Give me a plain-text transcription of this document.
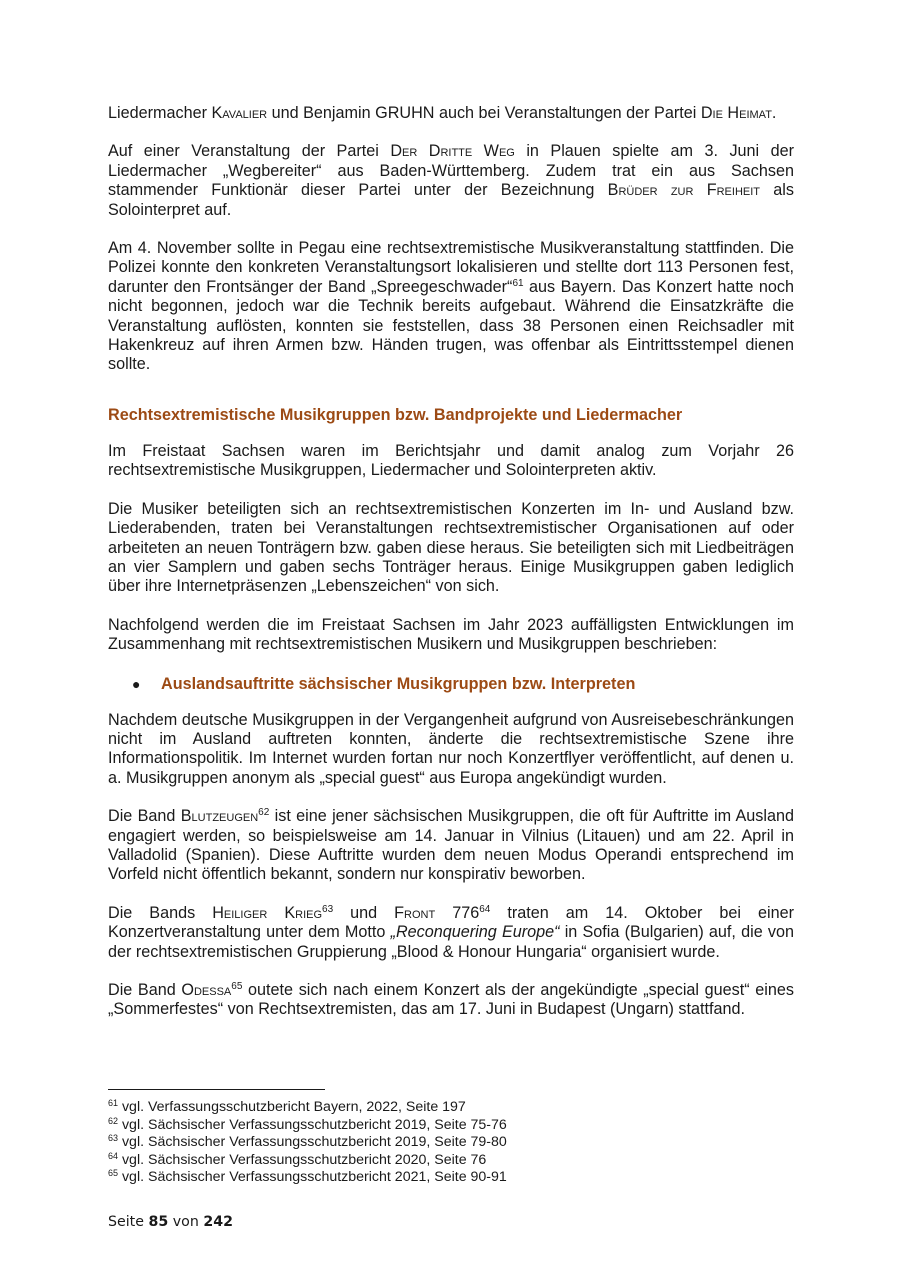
Liedermacher Kavalier und Benjamin GRUHN auch bei Veranstaltungen der Partei Die Heimat.

Auf einer Veranstaltung der Partei Der Dritte Weg in Plauen spielte am 3. Juni der Liedermacher „Wegbereiter“ aus Baden-Württemberg. Zudem trat ein aus Sachsen stammender Funktionär dieser Partei unter der Bezeichnung Brüder zur Freiheit als Solointerpret auf.

Am 4. November sollte in Pegau eine rechtsextremistische Musikveranstaltung stattfinden. Die Polizei konnte den konkreten Veranstaltungsort lokalisieren und stellte dort 113 Personen fest, darunter den Frontsänger der Band „Spreegeschwader“$^{61}$ aus Bayern. Das Konzert hatte noch nicht begonnen, jedoch war die Technik bereits aufgebaut. Während die Einsatzkräfte die Veranstaltung auflösten, konnten sie feststellen, dass 38 Personen einen Reichsadler mit Hakenkreuz auf ihren Armen bzw. Händen trugen, was offenbar als Eintrittsstempel dienen sollte.

Rechtsextremistische Musikgruppen bzw. Bandprojekte und Liedermacher

Im Freistaat Sachsen waren im Berichtsjahr und damit analog zum Vorjahr 26 rechtsextremistische Musikgruppen, Liedermacher und Solointerpreten aktiv.

Die Musiker beteiligten sich an rechtsextremistischen Konzerten im In- und Ausland bzw. Liederabenden, traten bei Veranstaltungen rechtsextremistischer Organisationen auf oder arbeiteten an neuen Tonträgern bzw. gaben diese heraus. Sie beteiligten sich mit Liedbeiträgen an vier Samplern und gaben sechs Tonträger heraus. Einige Musikgruppen gaben lediglich über ihre Internetpräsenzen „Lebenszeichen“ von sich.

Nachfolgend werden die im Freistaat Sachsen im Jahr 2023 auffälligsten Entwicklungen im Zusammenhang mit rechtsextremistischen Musikern und Musikgruppen beschrieben:

●	Auslandsauftritte sächsischer Musikgruppen bzw. Interpreten

Nachdem deutsche Musikgruppen in der Vergangenheit aufgrund von Ausreisebeschränkungen nicht im Ausland auftreten konnten, änderte die rechtsextremistische Szene ihre Informationspolitik. Im Internet wurden fortan nur noch Konzertflyer veröffentlicht, auf denen u. a. Musikgruppen anonym als „special guest“ aus Europa angekündigt wurden.

Die Band Blutzeugen$^{62}$ ist eine jener sächsischen Musikgruppen, die oft für Auftritte im Ausland engagiert werden, so beispielsweise am 14. Januar in Vilnius (Litauen) und am 22. April in Valladolid (Spanien). Diese Auftritte wurden dem neuen Modus Operandi entsprechend im Vorfeld nicht öffentlich bekannt, sondern nur konspirativ beworben.

Die Bands Heiliger Krieg$^{63}$ und Front $776^{64}$ traten am 14. Oktober bei einer Konzertveranstaltung unter dem Motto „Reconquering Europe“ in Sofia (Bulgarien) auf, die von der rechtsextremistischen Gruppierung „Blood & Honour Hungaria“ organisiert wurde.

Die Band Odessa$^{65}$ outete sich nach einem Konzert als der angekündigte „special guest“ eines „Sommerfestes“ von Rechtsextremisten, das am 17. Juni in Budapest (Ungarn) stattfand.

$^{61}$ vgl. Verfassungsschutzbericht Bayern, 2022, Seite 197

$^{62}$ vgl. Sächsischer Verfassungsschutzbericht 2019, Seite 75-76

$^{63}$ vgl. Sächsischer Verfassungsschutzbericht 2019, Seite 79-80

$^{64}$ vgl. Sächsischer Verfassungsschutzbericht 2020, Seite 76

$^{65}$ vgl. Sächsischer Verfassungsschutzbericht 2021, Seite 90-91

Seite 85 von 242
